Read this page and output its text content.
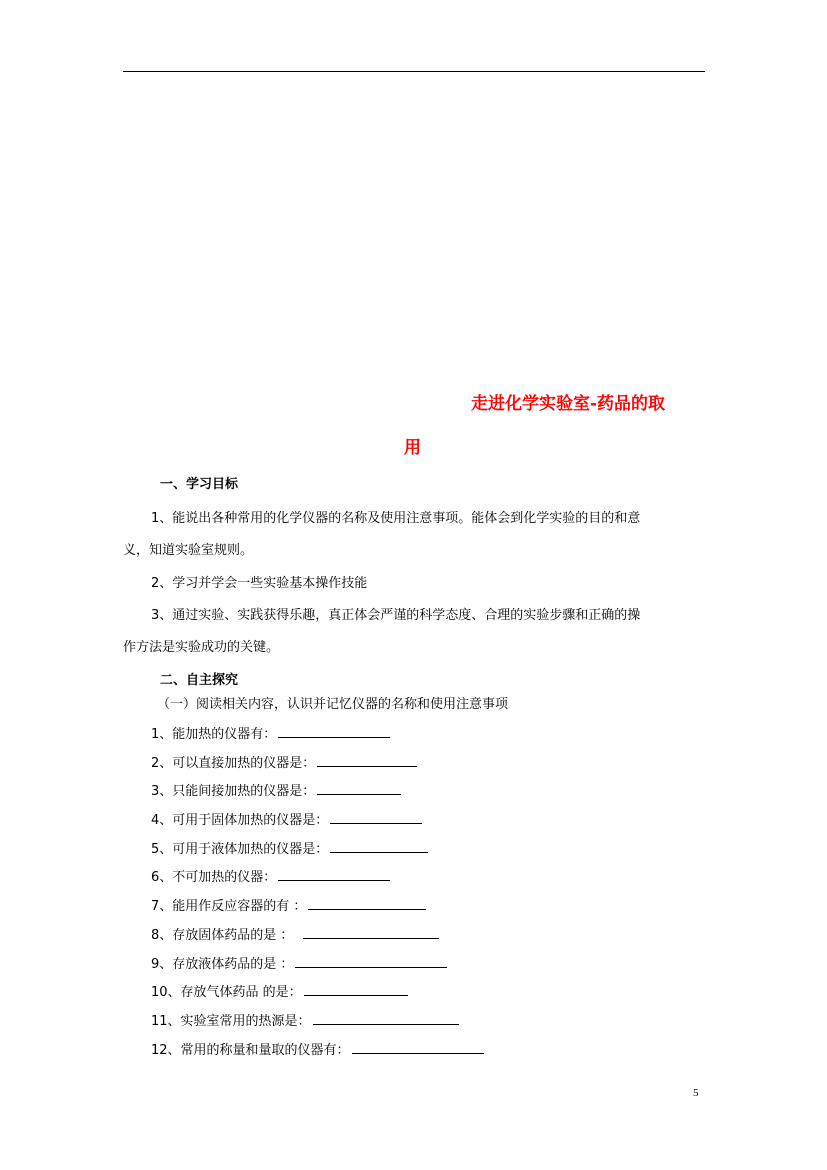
走进化学实验室-药品的取
用
一、学习目标
1、能说出各种常用的化学仪器的名称及使用注意事项。能体会到化学实验的目的和意
义，知道实验室规则。
2、学习并学会一些实验基本操作技能
3、通过实验、实践获得乐趣，真正体会严谨的科学态度、合理的实验步骤和正确的操
作方法是实验成功的关键。
二、自主探究
（一）阅读相关内容，认识并记忆仪器的名称和使用注意事项
1、能加热的仪器有：
2、可以直接加热的仪器是：
3、只能间接加热的仪器是：
4、可用于固体加热的仪器是：
5、可用于液体加热的仪器是：
6、不可加热的仪器：
7、能用作反应容器的有 ：
8、存放固体药品的是 ：
9、存放液体药品的是 ：
10、存放气体药品 的是：
11、实验室常用的热源是：
12、常用的称量和量取的仪器有：
5
